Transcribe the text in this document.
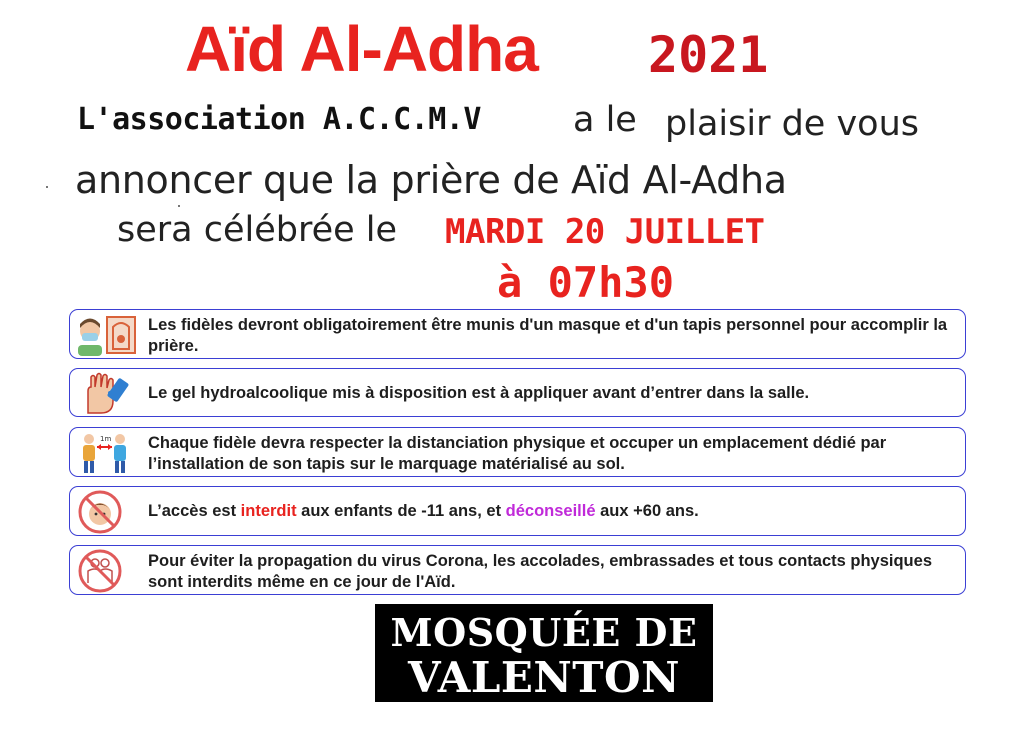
Aïd Al-Adha 2021
L'association A.C.C.M.V	a le plaisir de vous
annoncer que la prière de Aïd Al-Adha
sera célébrée le MARDI 20 JUILLET
à 07h30
Les fidèles devront obligatoirement être munis d'un masque et d'un tapis personnel pour accomplir la prière.
Le gel hydroalcoolique mis à disposition est à appliquer avant d’entrer dans la salle.
1m Chaque fidèle devra respecter la distanciation physique et occuper un emplacement dédié par l’installation de son tapis sur le marquage matérialisé au sol.
L’accès est interdit aux enfants de -11 ans, et déconseillé aux +60 ans.
Pour éviter la propagation du virus Corona, les accolades, embrassades et tous contacts physiques sont interdits même en ce jour de l'Aïd.
MOSQUÉE DE
VALENTON
